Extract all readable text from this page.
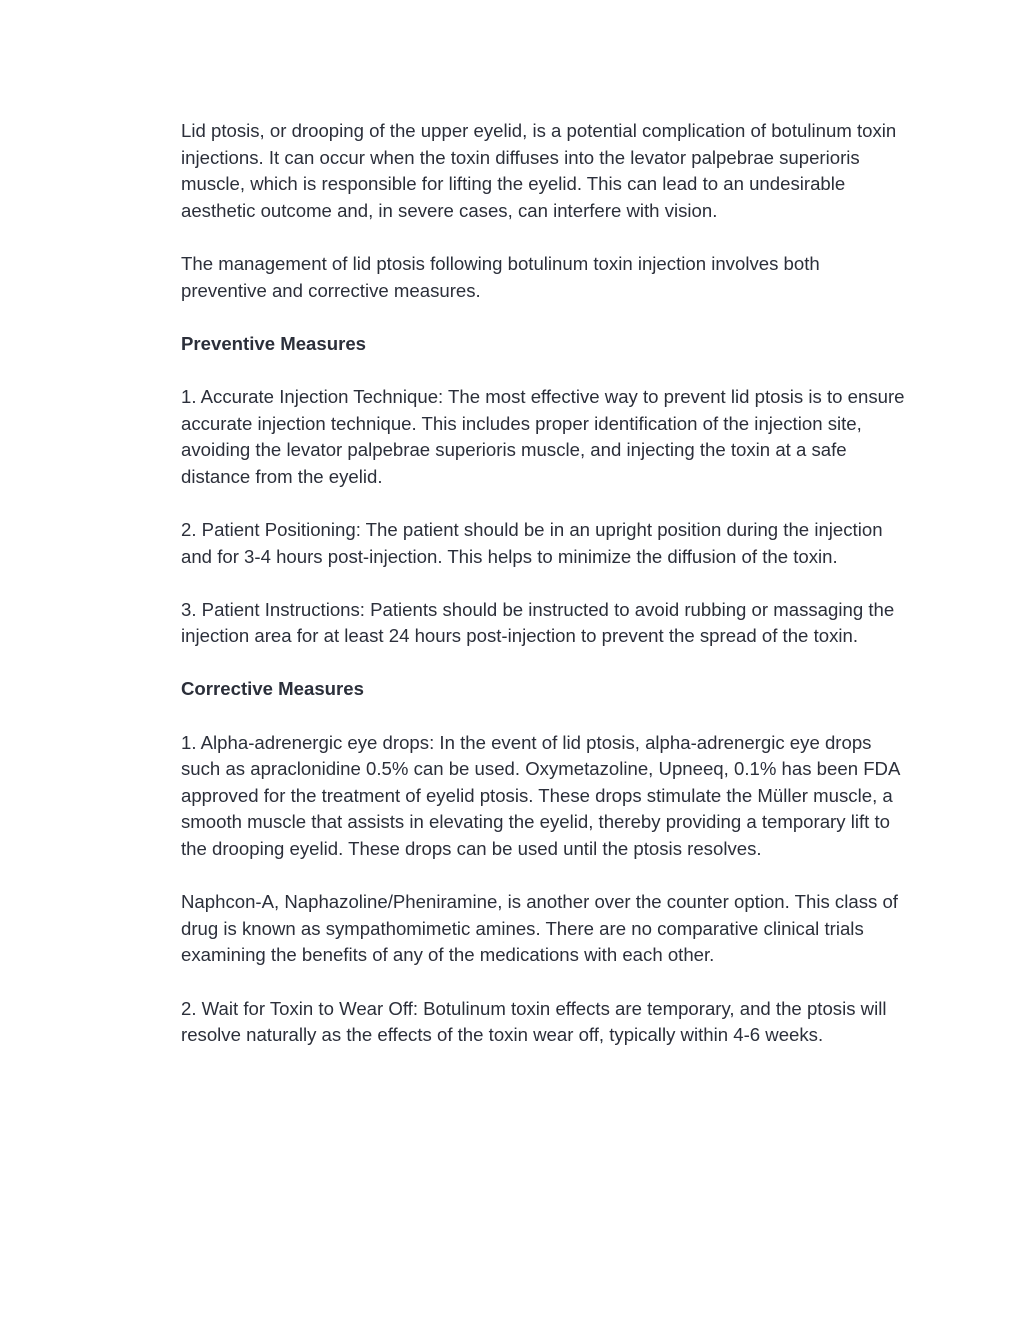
Lid ptosis, or drooping of the upper eyelid, is a potential complication of botulinum toxin injections. It can occur when the toxin diffuses into the levator palpebrae superioris muscle, which is responsible for lifting the eyelid. This can lead to an undesirable aesthetic outcome and, in severe cases, can interfere with vision.

The management of lid ptosis following botulinum toxin injection involves both preventive and corrective measures.

Preventive Measures

1. Accurate Injection Technique: The most effective way to prevent lid ptosis is to ensure accurate injection technique. This includes proper identification of the injection site, avoiding the levator palpebrae superioris muscle, and injecting the toxin at a safe distance from the eyelid.

2. Patient Positioning: The patient should be in an upright position during the injection and for 3-4 hours post-injection. This helps to minimize the diffusion of the toxin.

3. Patient Instructions: Patients should be instructed to avoid rubbing or massaging the injection area for at least 24 hours post-injection to prevent the spread of the toxin.

Corrective Measures

1. Alpha-adrenergic eye drops: In the event of lid ptosis, alpha-adrenergic eye drops such as apraclonidine 0.5% can be used. Oxymetazoline, Upneeq, 0.1% has been FDA approved for the treatment of eyelid ptosis. These drops stimulate the Müller muscle, a smooth muscle that assists in elevating the eyelid, thereby providing a temporary lift to the drooping eyelid. These drops can be used until the ptosis resolves.

Naphcon-A, Naphazoline/Pheniramine, is another over the counter option. This class of drug is known as sympathomimetic amines. There are no comparative clinical trials examining the benefits of any of the medications with each other.

2. Wait for Toxin to Wear Off: Botulinum toxin effects are temporary, and the ptosis will resolve naturally as the effects of the toxin wear off, typically within 4-6 weeks.
